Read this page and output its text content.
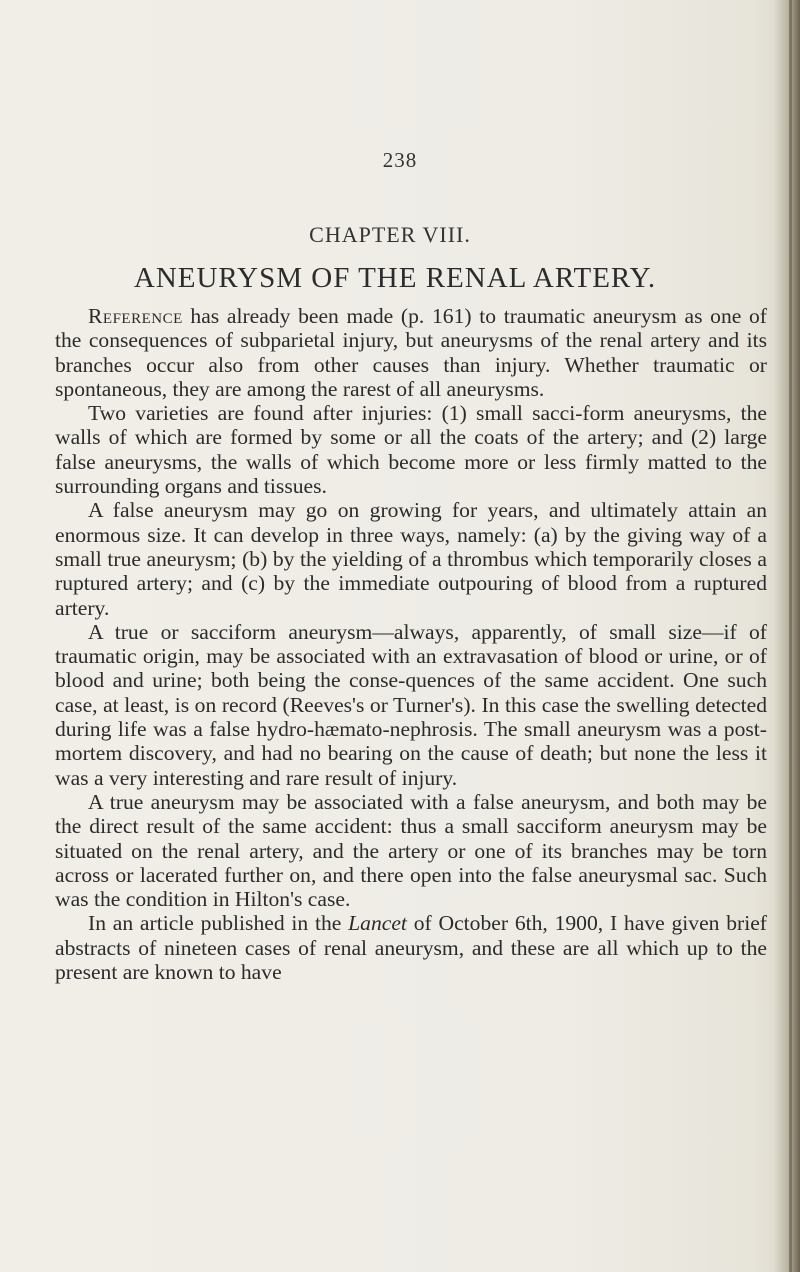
238
CHAPTER VIII.
ANEURYSM OF THE RENAL ARTERY.

Reference has already been made (p. 161) to traumatic aneurysm as one of the consequences of subparietal injury, but aneurysms of the renal artery and its branches occur also from other causes than injury. Whether traumatic or spontaneous, they are among the rarest of all aneurysms.

Two varieties are found after injuries: (1) small sacci-form aneurysms, the walls of which are formed by some or all the coats of the artery; and (2) large false aneurysms, the walls of which become more or less firmly matted to the surrounding organs and tissues.

A false aneurysm may go on growing for years, and ultimately attain an enormous size. It can develop in three ways, namely: (a) by the giving way of a small true aneurysm; (b) by the yielding of a thrombus which temporarily closes a ruptured artery; and (c) by the immediate outpouring of blood from a ruptured artery.

A true or sacciform aneurysm—always, apparently, of small size—if of traumatic origin, may be associated with an extravasation of blood or urine, or of blood and urine; both being the conse-quences of the same accident. One such case, at least, is on record (Reeves's or Turner's). In this case the swelling detected during life was a false hydro-hæmato-nephrosis. The small aneurysm was a post-mortem discovery, and had no bearing on the cause of death; but none the less it was a very interesting and rare result of injury.

A true aneurysm may be associated with a false aneurysm, and both may be the direct result of the same accident: thus a small sacciform aneurysm may be situated on the renal artery, and the artery or one of its branches may be torn across or lacerated further on, and there open into the false aneurysmal sac. Such was the condition in Hilton's case.

In an article published in the Lancet of October 6th, 1900, I have given brief abstracts of nineteen cases of renal aneurysm, and these are all which up to the present are known to have
